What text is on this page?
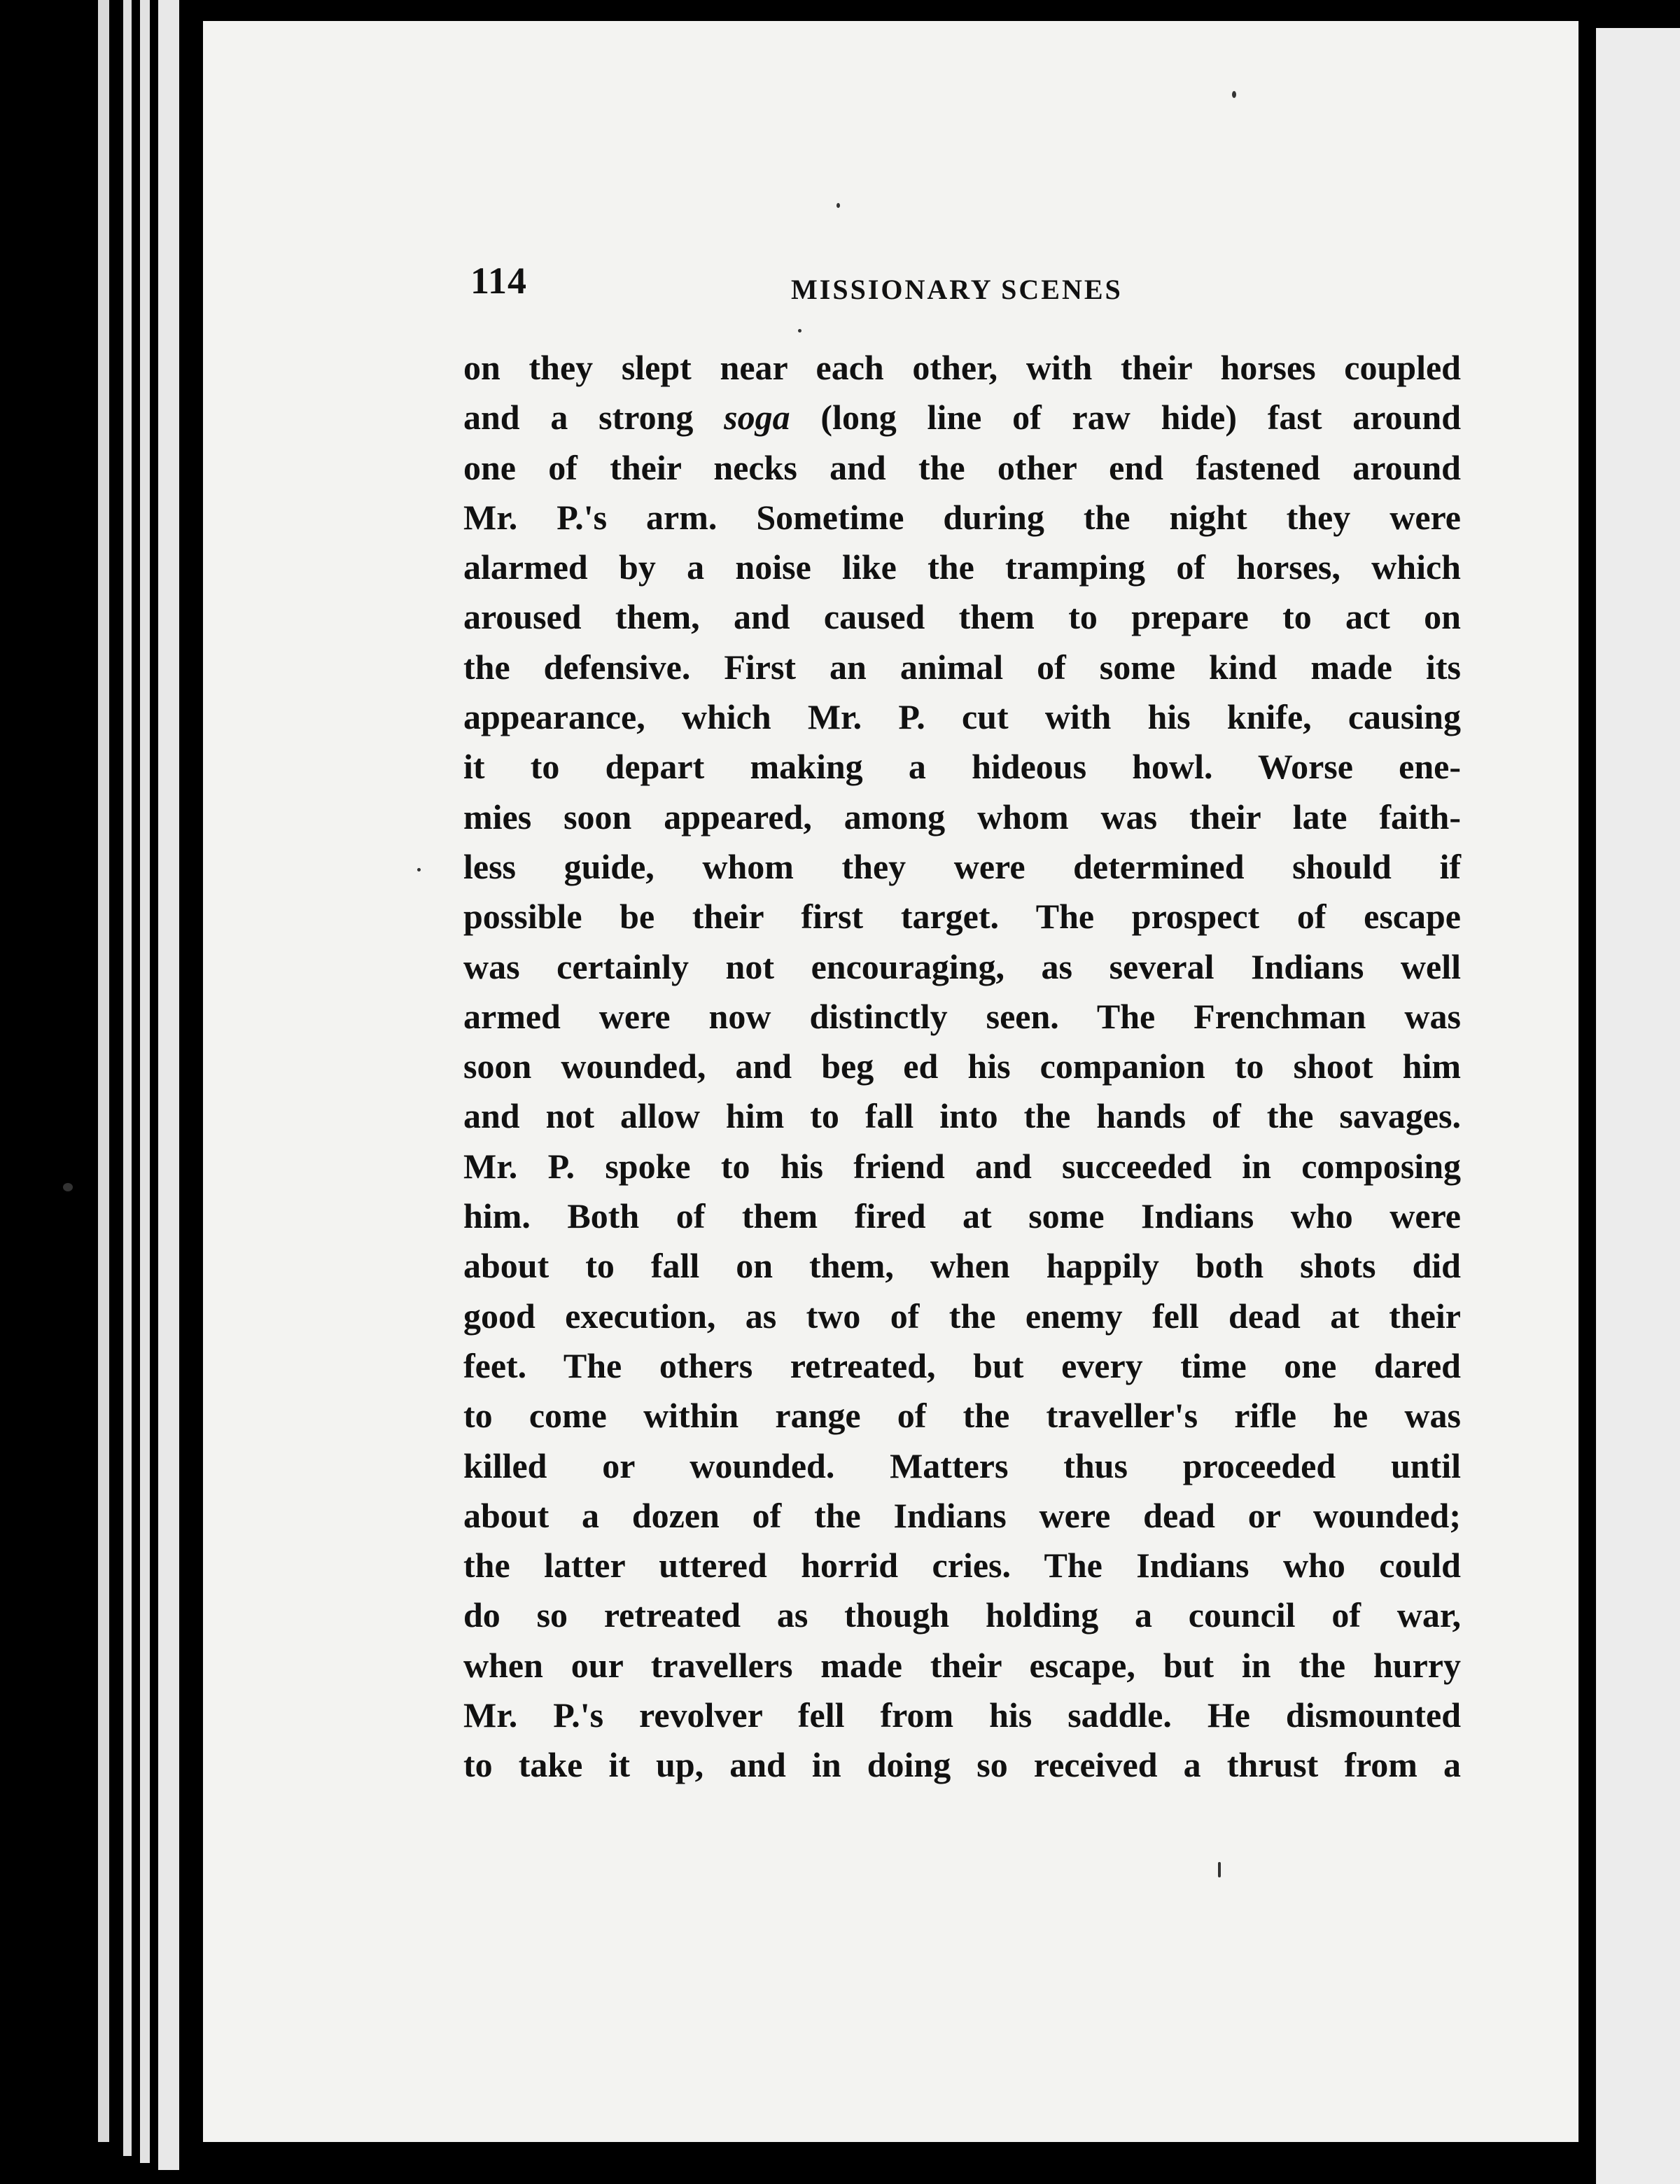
114	MISSIONARY SCENES
on they slept near each other, with their horses coupled
and a strong soga (long line of raw hide) fast around
one of their necks and the other end fastened around
Mr. P.'s arm. Sometime during the night they were
alarmed by a noise like the tramping of horses, which
aroused them, and caused them to prepare to act on
the defensive. First an animal of some kind made its
appearance, which Mr. P. cut with his knife, causing
it to depart making a hideous howl. Worse ene-
mies soon appeared, among whom was their late faith-
less guide, whom they were determined should if
possible be their first target. The prospect of escape
was certainly not encouraging, as several Indians well
armed were now distinctly seen. The Frenchman was
soon wounded, and beg ed his companion to shoot him
and not allow him to fall into the hands of the savages.
Mr. P. spoke to his friend and succeeded in composing
him. Both of them fired at some Indians who were
about to fall on them, when happily both shots did
good execution, as two of the enemy fell dead at their
feet. The others retreated, but every time one dared
to come within range of the traveller's rifle he was
killed or wounded. Matters thus proceeded until
about a dozen of the Indians were dead or wounded;
the latter uttered horrid cries. The Indians who could
do so retreated as though holding a council of war,
when our travellers made their escape, but in the hurry
Mr. P.'s revolver fell from his saddle. He dismounted
to take it up, and in doing so received a thrust from a
